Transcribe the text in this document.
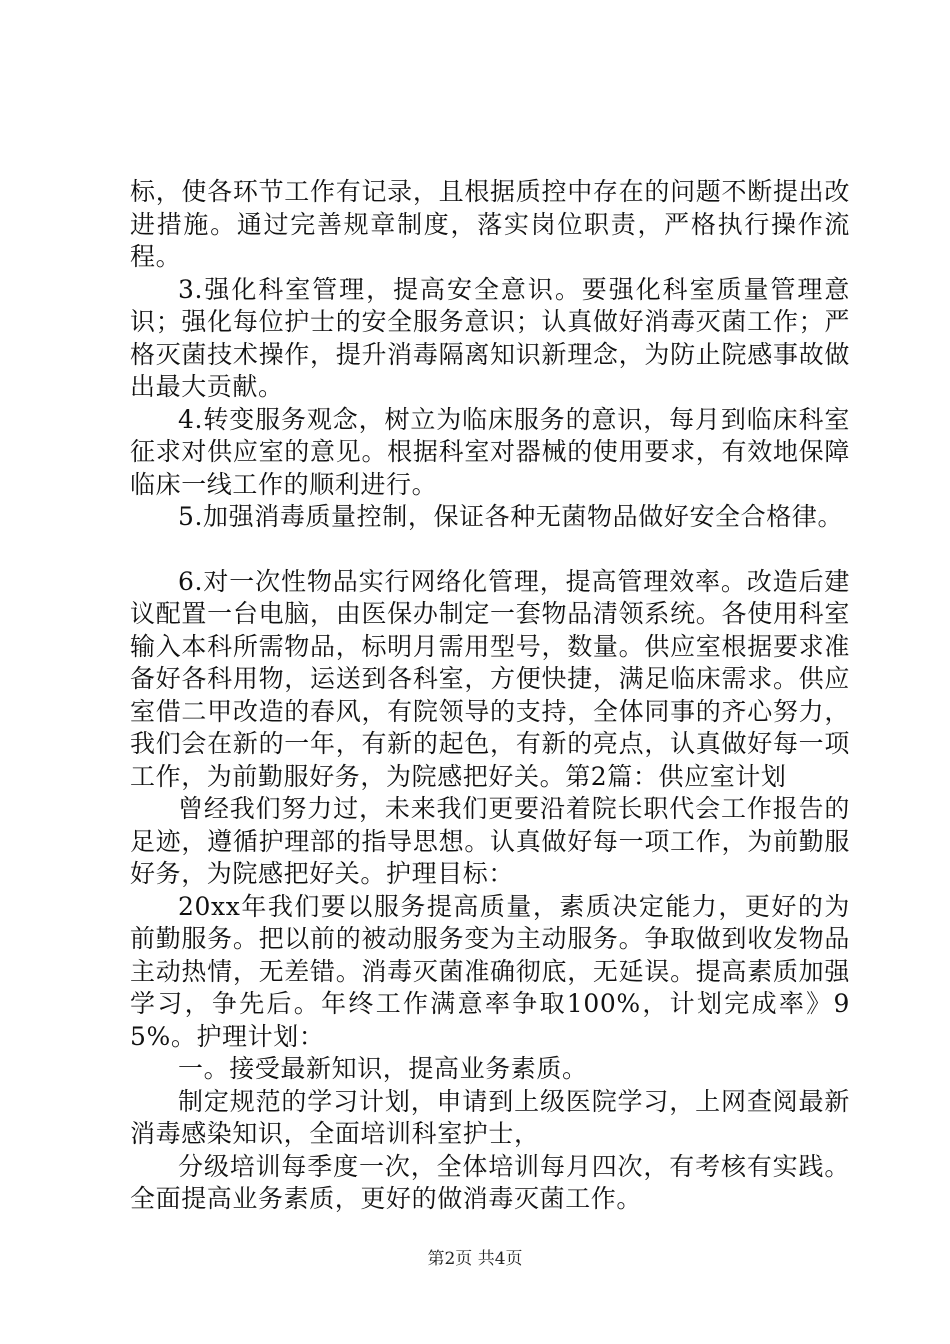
标，使各环节工作有记录，且根据质控中存在的问题不断提出改进措施。通过完善规章制度，落实岗位职责，严格执行操作流程。

3.强化科室管理，提高安全意识。要强化科室质量管理意识；强化每位护士的安全服务意识；认真做好消毒灭菌工作；严格灭菌技术操作，提升消毒隔离知识新理念，为防止院感事故做出最大贡献。

4.转变服务观念，树立为临床服务的意识，每月到临床科室征求对供应室的意见。根据科室对器械的使用要求，有效地保障临床一线工作的顺利进行。

5.加强消毒质量控制，保证各种无菌物品做好安全合格律。

6.对一次性物品实行网络化管理，提高管理效率。改造后建议配置一台电脑，由医保办制定一套物品清领系统。各使用科室输入本科所需物品，标明月需用型号，数量。供应室根据要求准备好各科用物，运送到各科室，方便快捷，满足临床需求。供应室借二甲改造的春风，有院领导的支持，全体同事的齐心努力，我们会在新的一年，有新的起色，有新的亮点，认真做好每一项工作，为前勤服好务，为院感把好关。第2篇：供应室计划

曾经我们努力过，未来我们更要沿着院长职代会工作报告的足迹，遵循护理部的指导思想。认真做好每一项工作，为前勤服好务，为院感把好关。护理目标：

20xx年我们要以服务提高质量，素质决定能力，更好的为前勤服务。把以前的被动服务变为主动服务。争取做到收发物品主动热情，无差错。消毒灭菌准确彻底，无延误。提高素质加强学习，争先后。年终工作满意率争取100%，计划完成率》95%。护理计划：

一。接受最新知识，提高业务素质。

制定规范的学习计划，申请到上级医院学习，上网查阅最新消毒感染知识，全面培训科室护士，

分级培训每季度一次，全体培训每月四次，有考核有实践。全面提高业务素质，更好的做消毒灭菌工作。

第2页 共4页
